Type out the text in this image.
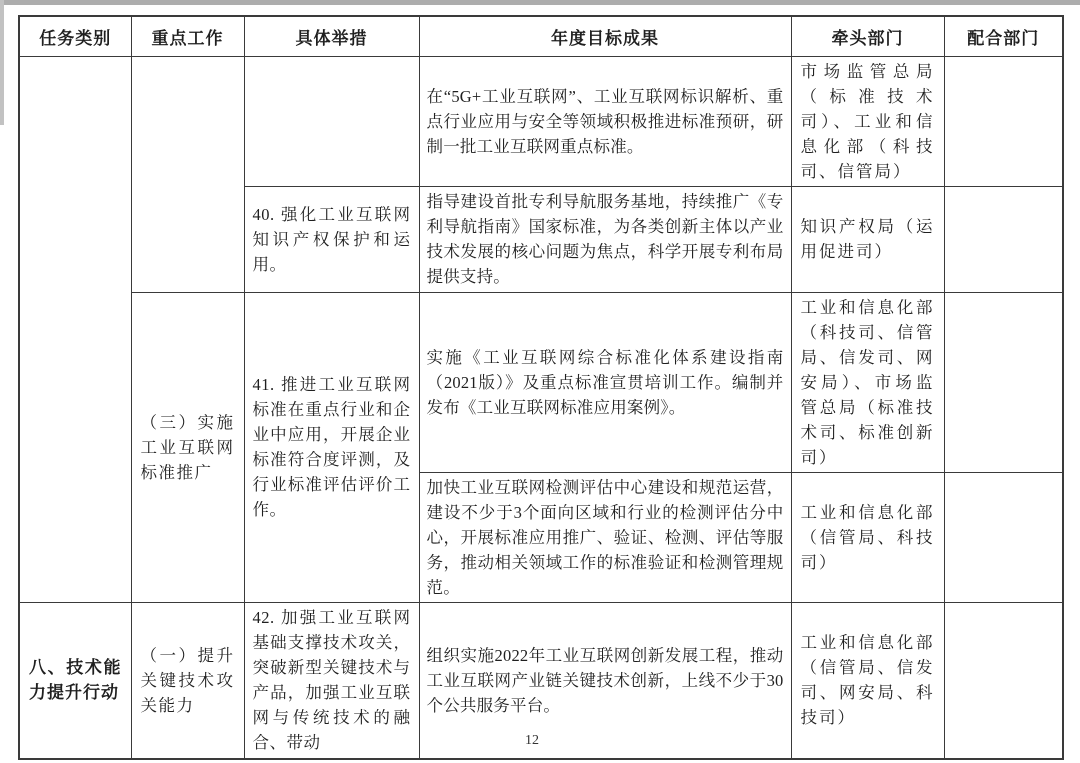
任务类别	重点工作	具体举措	年度目标成果	牵头部门	配合部门
			在“5G+工业互联网”、工业互联网标识解析、重点行业应用与安全等领域积极推进标准预研，研制一批工业互联网重点标准。	市场监管总局（标准技术司）、工业和信息化部（科技司、信管局）	
		40. 强化工业互联网知识产权保护和运用。	指导建设首批专利导航服务基地，持续推广《专利导航指南》国家标准，为各类创新主体以产业技术发展的核心问题为焦点，科学开展专利布局提供支持。	知识产权局（运用促进司）	
	（三）实施工业互联网标准推广	41. 推进工业互联网标准在重点行业和企业中应用，开展企业标准符合度评测，及行业标准评估评价工作。	实施《工业互联网综合标准化体系建设指南（2021版）》及重点标准宣贯培训工作。编制并发布《工业互联网标准应用案例》。	工业和信息化部（科技司、信管局、信发司、网安局）、市场监管总局（标准技术司、标准创新司）	
			加快工业互联网检测评估中心建设和规范运营，建设不少于3个面向区域和行业的检测评估分中心，开展标准应用推广、验证、检测、评估等服务，推动相关领域工作的标准验证和检测管理规范。	工业和信息化部（信管局、科技司）	
八、技术能力提升行动	（一）提升关键技术攻关能力	42. 加强工业互联网基础支撑技术攻关，突破新型关键技术与产品，加强工业互联网与传统技术的融合、带动	组织实施2022年工业互联网创新发展工程，推动工业互联网产业链关键技术创新，上线不少于30个公共服务平台。	工业和信息化部（信管局、信发司、网安局、科技司）	
12
